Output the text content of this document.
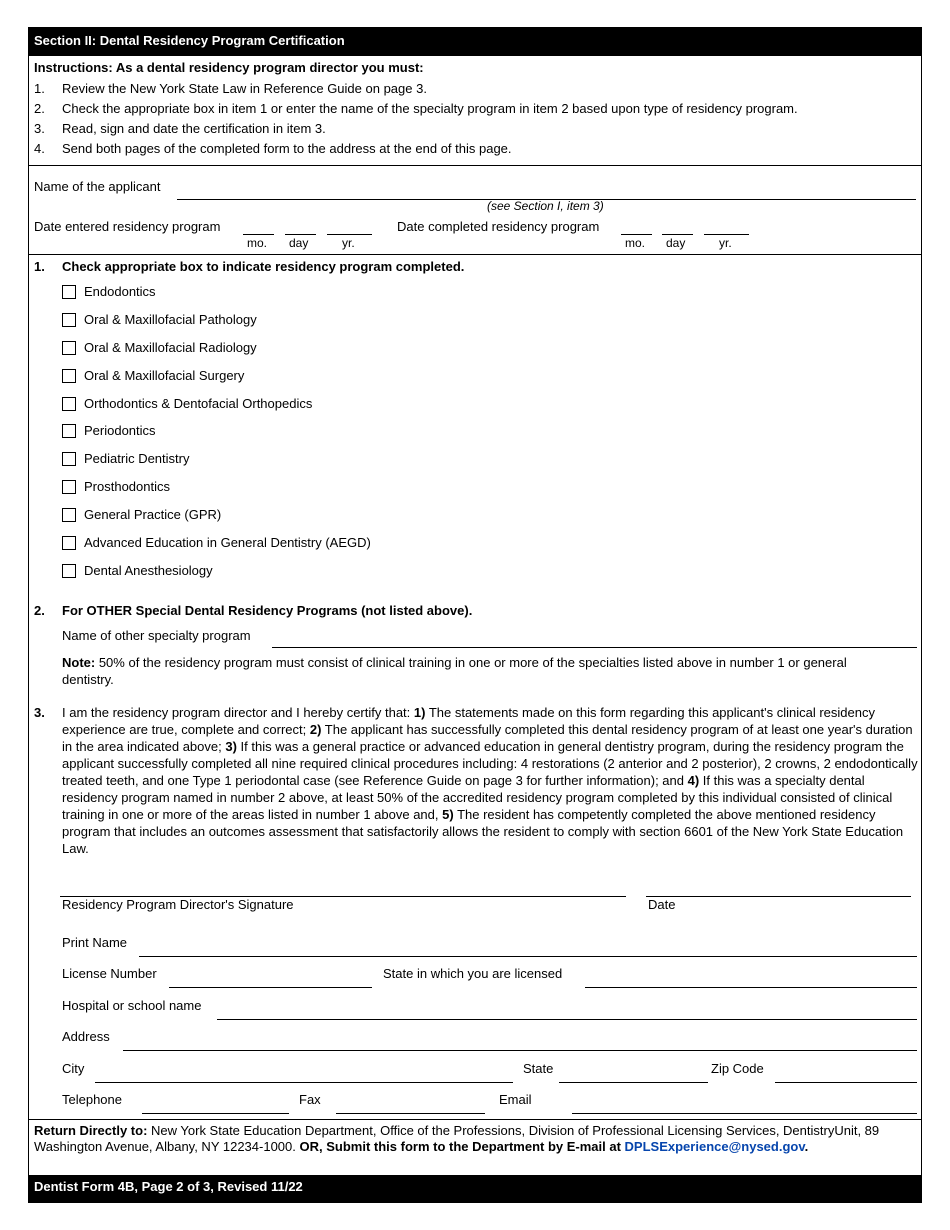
Section II: Dental Residency Program Certification
Instructions: As a dental residency program director you must:
1. Review the New York State Law in Reference Guide on page 3.
2. Check the appropriate box in item 1 or enter the name of the specialty program in item 2 based upon type of residency program.
3. Read, sign and date the certification in item 3.
4. Send both pages of the completed form to the address at the end of this page.
Name of the applicant
(see Section I, item 3)
Date entered residency program
mo. day	yr.
Date completed residency program
mo. day	yr.
1. Check appropriate box to indicate residency program completed.
Endodontics
Oral & Maxillofacial Pathology
Oral & Maxillofacial Radiology
Oral & Maxillofacial Surgery
Orthodontics & Dentofacial Orthopedics
Periodontics
Pediatric Dentistry
Prosthodontics
General Practice (GPR)
Advanced Education in General Dentistry (AEGD)
Dental Anesthesiology
2. For OTHER Special Dental Residency Programs (not listed above).
Name of other specialty program
Note: 50% of the residency program must consist of clinical training in one or more of the specialties listed above in number 1 or general dentistry.
3. I am the residency program director and I hereby certify that: 1) The statements made on this form regarding this applicant's clinical residency experience are true, complete and correct; 2) The applicant has successfully completed this dental residency program of at least one year's duration in the area indicated above; 3) If this was a general practice or advanced education in general dentistry program, during the residency program the applicant successfully completed all nine required clinical procedures including: 4 restorations (2 anterior and 2 posterior), 2 crowns, 2 endodontically treated teeth, and one Type 1 periodontal case (see Reference Guide on page 3 for further information); and 4) If this was a specialty dental residency program named in number 2 above, at least 50% of the accredited residency program completed by this individual consisted of clinical training in one or more of the areas listed in number 1 above and, 5) The resident has competently completed the above mentioned residency program that includes an outcomes assessment that satisfactorily allows the resident to comply with section 6601 of the New York State Education Law.
Residency Program Director's Signature	Date
Print Name
License Number	State in which you are licensed
Hospital or school name
Address
City	State	Zip Code
Telephone	Fax	Email
Return Directly to: New York State Education Department, Office of the Professions, Division of Professional Licensing Services, DentistryUnit, 89 Washington Avenue, Albany, NY 12234-1000. OR, Submit this form to the Department by E-mail at DPLSExperience@nysed.gov.
Dentist Form 4B, Page 2 of 3, Revised 11/22
